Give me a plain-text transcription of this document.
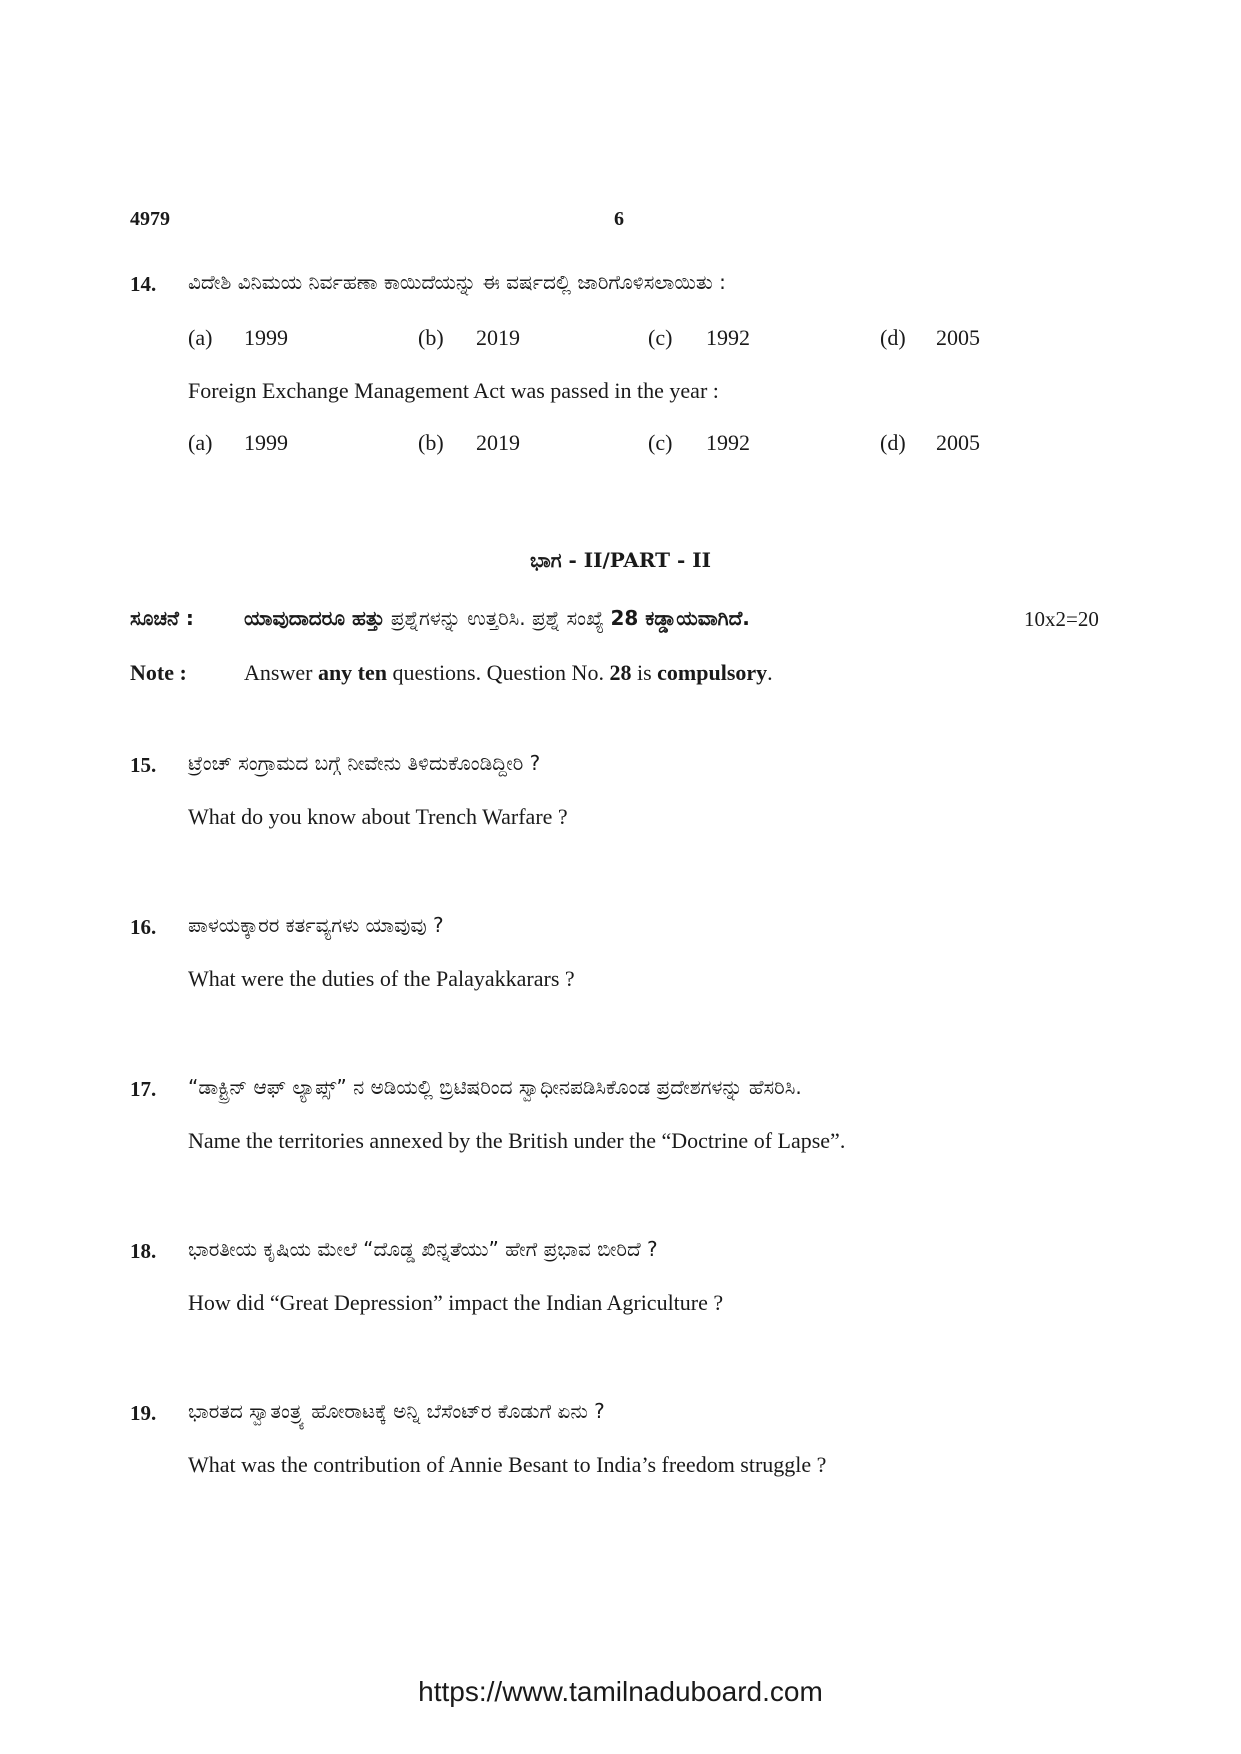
4979	6
14. ವಿದೇಶಿ ವಿನಿಮಯ ನಿರ್ವಹಣಾ ಕಾಯಿದೆಯನ್ನು ಈ ವರ್ಷದಲ್ಲಿ ಜಾರಿಗೊಳಿಸಲಾಯಿತು :
(a) 1999	(b) 2019	(c) 1992	(d) 2005
Foreign Exchange Management Act was passed in the year :
(a) 1999	(b) 2019	(c) 1992	(d) 2005
ಭಾಗ - II/PART - II
ಸೂಚನೆ :	ಯಾವುದಾದರೂ ಹತ್ತು ಪ್ರಶ್ನೆಗಳನ್ನು ಉತ್ತರಿಸಿ. ಪ್ರಶ್ನೆ ಸಂಖ್ಯೆ 28 ಕಡ್ಡಾಯವಾಗಿದೆ.	10x2=20
Note :	Answer any ten questions. Question No. 28 is compulsory.
15. ಟ್ರೆಂಚ್ ಸಂಗ್ರಾಮದ ಬಗ್ಗೆ ನೀವೇನು ತಿಳಿದುಕೊಂಡಿದ್ದೀರಿ ?
What do you know about Trench Warfare ?
16. ಪಾಳಯಕ್ಕಾರರ ಕರ್ತವ್ಯಗಳು ಯಾವುವು ?
What were the duties of the Palayakkarars ?
17. “ಡಾಕ್ಟ್ರಿನ್ ಆಫ್ ಲ್ಯಾಪ್ಸ್” ನ ಅಡಿಯಲ್ಲಿ ಬ್ರಿಟಿಷರಿಂದ ಸ್ವಾಧೀನಪಡಿಸಿಕೊಂಡ ಪ್ರದೇಶಗಳನ್ನು ಹೆಸರಿಸಿ.
Name the territories annexed by the British under the “Doctrine of Lapse”.
18. ಭಾರತೀಯ ಕೃಷಿಯ ಮೇಲೆ “ದೊಡ್ಡ ಖಿನ್ನತೆಯು” ಹೇಗೆ ಪ್ರಭಾವ ಬೀರಿದೆ ?
How did “Great Depression” impact the Indian Agriculture ?
19. ಭಾರತದ ಸ್ವಾತಂತ್ರ್ಯ ಹೋರಾಟಕ್ಕೆ ಅನ್ನಿ ಬೆಸೆಂಟ್‌ರ ಕೊಡುಗೆ ಏನು ?
What was the contribution of Annie Besant to India’s freedom struggle ?
https://www.tamilnaduboard.com
